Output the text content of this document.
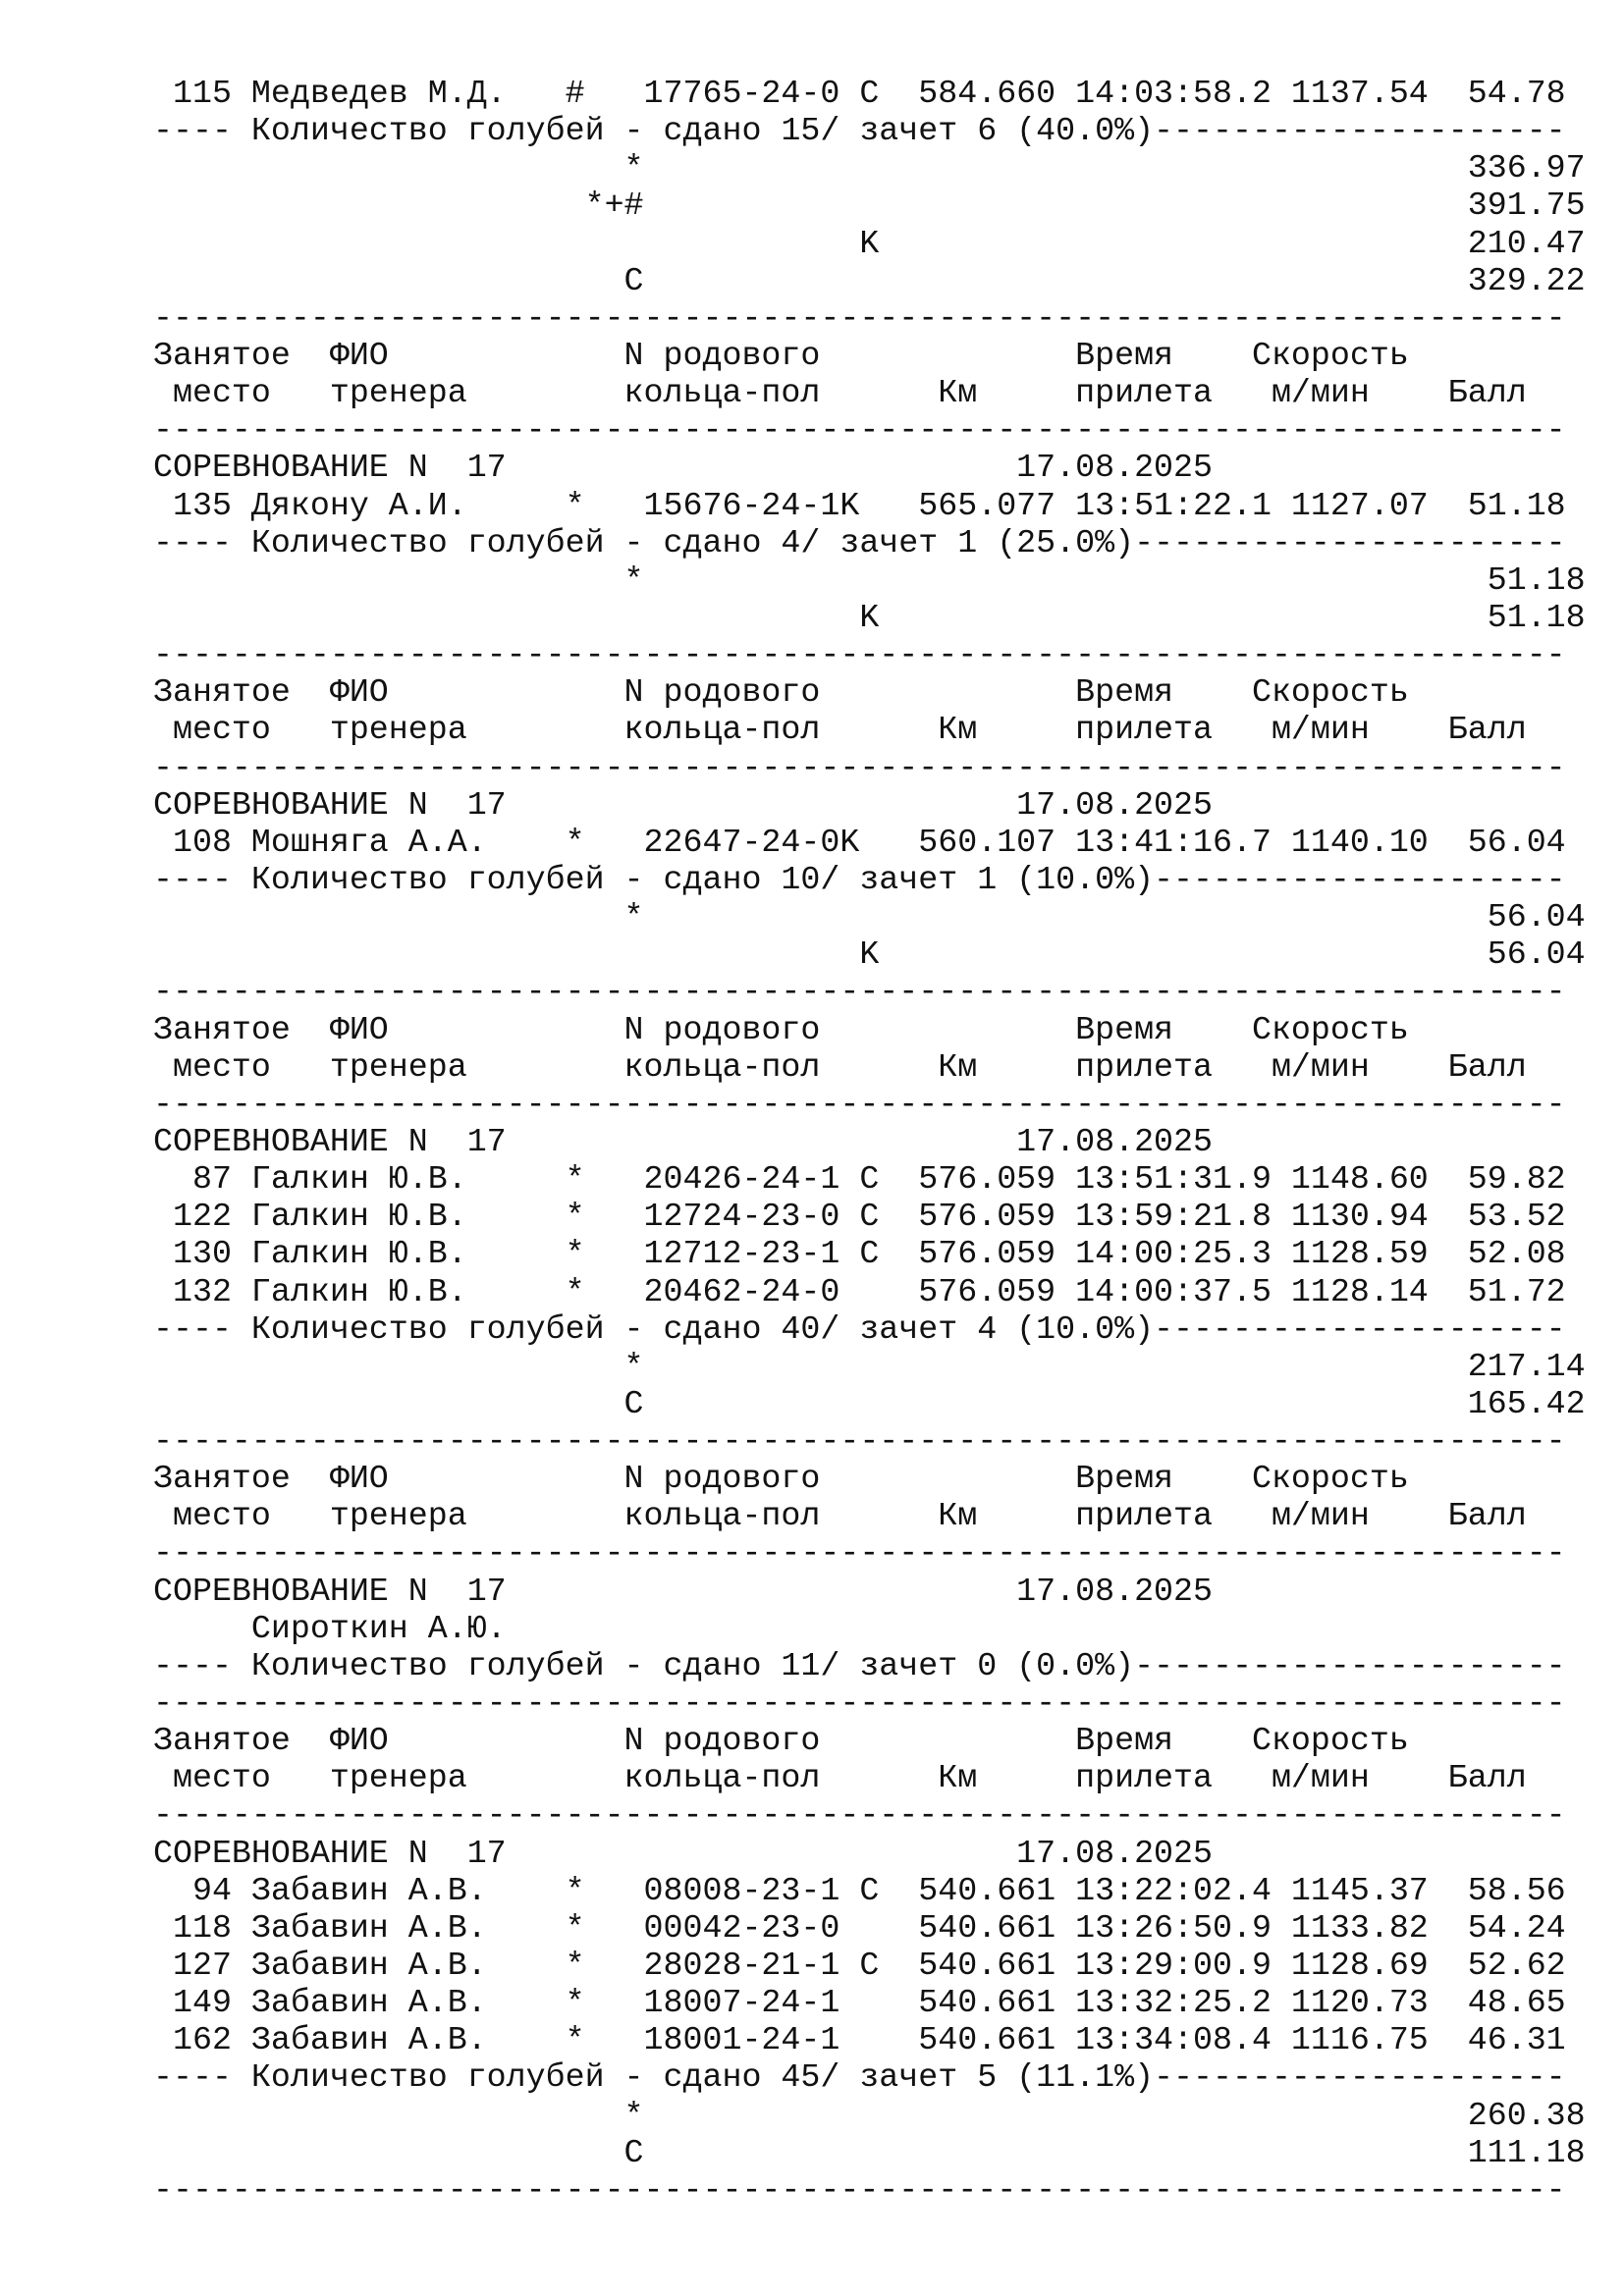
115 Медведев М.Д.   #   17765-24-0 C  584.660 14:03:58.2 1137.54  54.78
---- Количество голубей - сдано 15/ зачет 6 (40.0%)---------------------
*                                          336.97
*+#                                          391.75
K                              210.47
C                                          329.22
------------------------------------------------------------------------
Занятое  ФИО            N родового             Время    Скорость
место   тренера        кольца-пол      Км     прилета   м/мин    Балл
------------------------------------------------------------------------
СОРЕВНОВАНИЕ N  17                          17.08.2025
135 Дякону А.И.     *   15676-24-1K   565.077 13:51:22.1 1127.07  51.18
---- Количество голубей - сдано 4/ зачет 1 (25.0%)----------------------
*                                           51.18
K                               51.18
------------------------------------------------------------------------
Занятое  ФИО            N родового             Время    Скорость
место   тренера        кольца-пол      Км     прилета   м/мин    Балл
------------------------------------------------------------------------
СОРЕВНОВАНИЕ N  17                          17.08.2025
108 Мошняга А.А.    *   22647-24-0K   560.107 13:41:16.7 1140.10  56.04
---- Количество голубей - сдано 10/ зачет 1 (10.0%)---------------------
*                                           56.04
K                               56.04
------------------------------------------------------------------------
Занятое  ФИО            N родового             Время    Скорость
место   тренера        кольца-пол      Км     прилета   м/мин    Балл
------------------------------------------------------------------------
СОРЕВНОВАНИЕ N  17                          17.08.2025
87 Галкин Ю.В.     *   20426-24-1 C  576.059 13:51:31.9 1148.60  59.82
122 Галкин Ю.В.     *   12724-23-0 C  576.059 13:59:21.8 1130.94  53.52
130 Галкин Ю.В.     *   12712-23-1 C  576.059 14:00:25.3 1128.59  52.08
132 Галкин Ю.В.     *   20462-24-0    576.059 14:00:37.5 1128.14  51.72
---- Количество голубей - сдано 40/ зачет 4 (10.0%)---------------------
*                                          217.14
C                                          165.42
------------------------------------------------------------------------
Занятое  ФИО            N родового             Время    Скорость
место   тренера        кольца-пол      Км     прилета   м/мин    Балл
------------------------------------------------------------------------
СОРЕВНОВАНИЕ N  17                          17.08.2025
Сироткин А.Ю.
---- Количество голубей - сдано 11/ зачет 0 (0.0%)----------------------
------------------------------------------------------------------------
Занятое  ФИО            N родового             Время    Скорость
место   тренера        кольца-пол      Км     прилета   м/мин    Балл
------------------------------------------------------------------------
СОРЕВНОВАНИЕ N  17                          17.08.2025
94 Забавин А.В.    *   08008-23-1 C  540.661 13:22:02.4 1145.37  58.56
118 Забавин А.В.    *   00042-23-0    540.661 13:26:50.9 1133.82  54.24
127 Забавин А.В.    *   28028-21-1 C  540.661 13:29:00.9 1128.69  52.62
149 Забавин А.В.    *   18007-24-1    540.661 13:32:25.2 1120.73  48.65
162 Забавин А.В.    *   18001-24-1    540.661 13:34:08.4 1116.75  46.31
---- Количество голубей - сдано 45/ зачет 5 (11.1%)---------------------
*                                          260.38
C                                          111.18
------------------------------------------------------------------------
